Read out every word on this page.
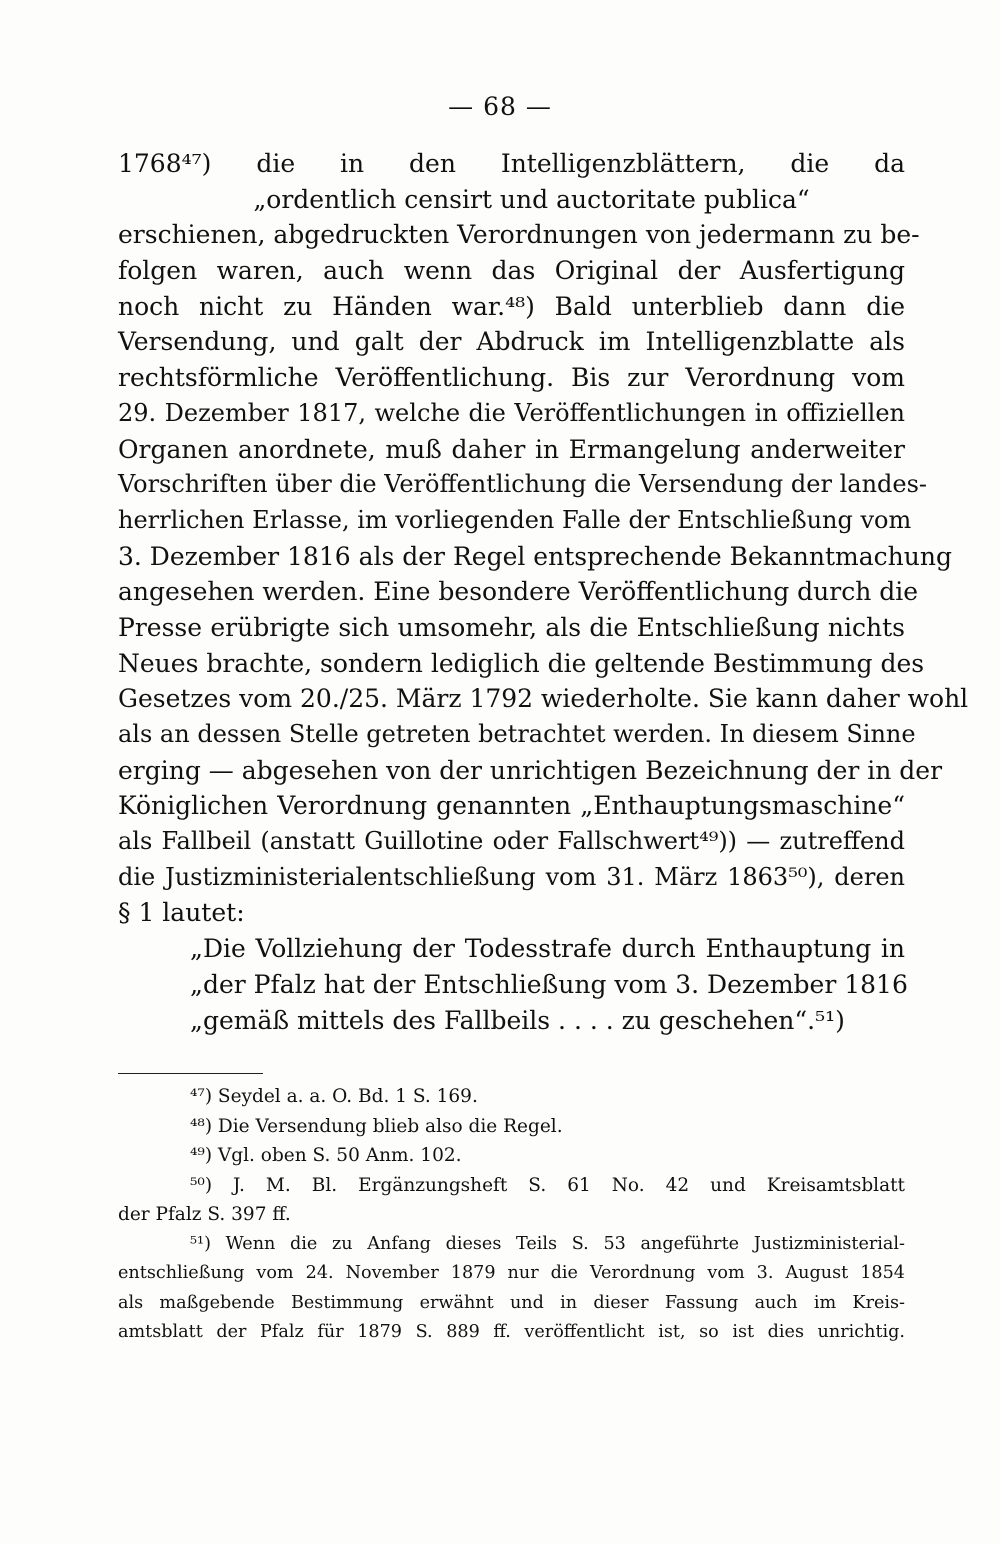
— 68 —
1768⁴⁷) die in den Intelligenzblättern, die da
„ordentlich censirt und auctoritate publica“
erschienen, abgedruckten Verordnungen von jedermann zu be-
folgen waren, auch wenn das Original der Ausfertigung
noch nicht zu Händen war.⁴⁸) Bald unterblieb dann die
Versendung, und galt der Abdruck im Intelligenzblatte als
rechtsförmliche Veröffentlichung. Bis zur Verordnung vom
29. Dezember 1817, welche die Veröffentlichungen in offiziellen
Organen anordnete, muß daher in Ermangelung anderweiter
Vorschriften über die Veröffentlichung die Versendung der landes-
herrlichen Erlasse, im vorliegenden Falle der Entschließung vom
3. Dezember 1816 als der Regel entsprechende Bekanntmachung
angesehen werden. Eine besondere Veröffentlichung durch die
Presse erübrigte sich umsomehr, als die Entschließung nichts
Neues brachte, sondern lediglich die geltende Bestimmung des
Gesetzes vom 20./25. März 1792 wiederholte. Sie kann daher wohl
als an dessen Stelle getreten betrachtet werden. In diesem Sinne
erging — abgesehen von der unrichtigen Bezeichnung der in der
Königlichen Verordnung genannten „Enthauptungsmaschine“
als Fallbeil (anstatt Guillotine oder Fallschwert⁴⁹)) — zutreffend
die Justizministerialentschließung vom 31. März 1863⁵⁰), deren
§ 1 lautet:
„Die Vollziehung der Todesstrafe durch Enthauptung in
„der Pfalz hat der Entschließung vom 3. Dezember 1816
„gemäß mittels des Fallbeils . . . . zu geschehen“.⁵¹)
⁴⁷) Seydel a. a. O. Bd. 1 S. 169.
⁴⁸) Die Versendung blieb also die Regel.
⁴⁹) Vgl. oben S. 50 Anm. 102.
⁵⁰) J. M. Bl. Ergänzungsheft S. 61 No. 42 und Kreisamtsblatt
der Pfalz S. 397 ff.
⁵¹) Wenn die zu Anfang dieses Teils S. 53 angeführte Justizministerial-
entschließung vom 24. November 1879 nur die Verordnung vom 3. August 1854
als maßgebende Bestimmung erwähnt und in dieser Fassung auch im Kreis-
amtsblatt der Pfalz für 1879 S. 889 ff. veröffentlicht ist, so ist dies unrichtig.
